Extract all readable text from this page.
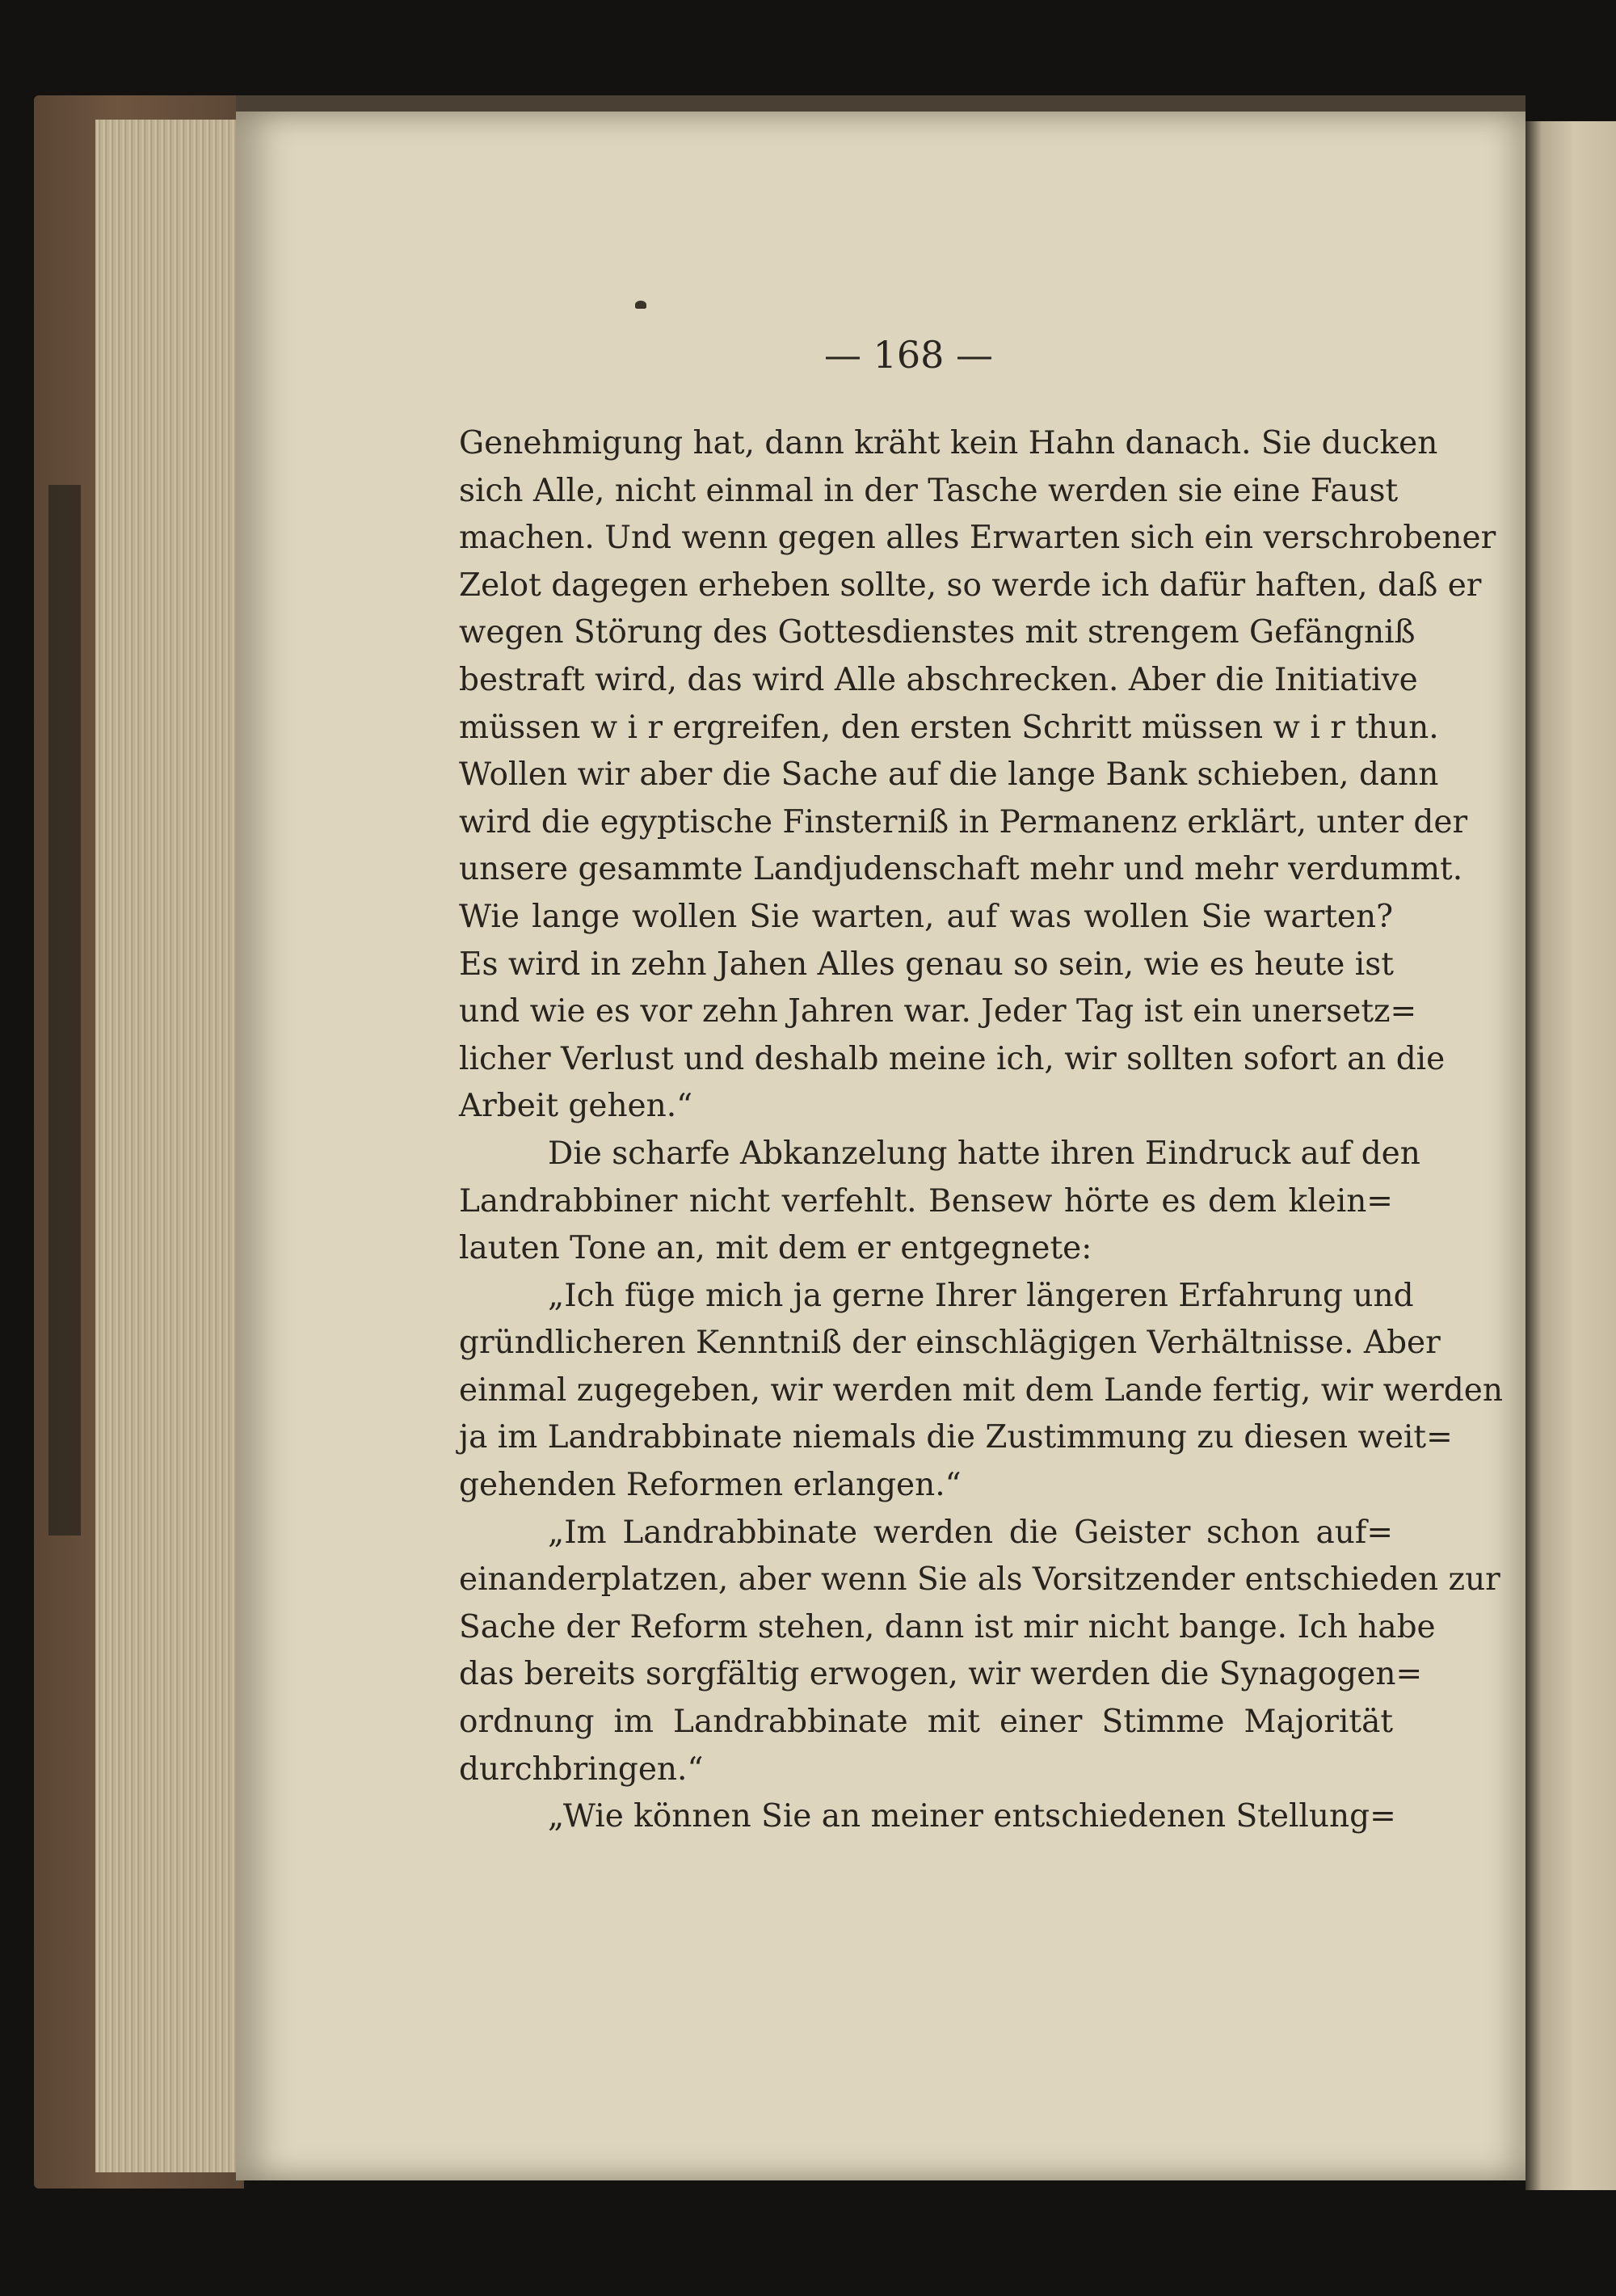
— 168 —
Genehmigung hat, dann kräht kein Hahn danach. Sie ducken
sich Alle, nicht einmal in der Tasche werden sie eine Faust
machen. Und wenn gegen alles Erwarten sich ein verschrobener
Zelot dagegen erheben sollte, so werde ich dafür haften, daß er
wegen Störung des Gottesdienstes mit strengem Gefängniß
bestraft wird, das wird Alle abschrecken. Aber die Initiative
müssen w i r ergreifen, den ersten Schritt müssen w i r thun.
Wollen wir aber die Sache auf die lange Bank schieben, dann
wird die egyptische Finsterniß in Permanenz erklärt, unter der
unsere gesammte Landjudenschaft mehr und mehr verdummt.
Wie lange wollen Sie warten, auf was wollen Sie warten?
Es wird in zehn Jahen Alles genau so sein, wie es heute ist
und wie es vor zehn Jahren war. Jeder Tag ist ein unersetz=
licher Verlust und deshalb meine ich, wir sollten sofort an die
Arbeit gehen.“
Die scharfe Abkanzelung hatte ihren Eindruck auf den
Landrabbiner nicht verfehlt. Bensew hörte es dem klein=
lauten Tone an, mit dem er entgegnete:
„Ich füge mich ja gerne Ihrer längeren Erfahrung und
gründlicheren Kenntniß der einschlägigen Verhältnisse. Aber
einmal zugegeben, wir werden mit dem Lande fertig, wir werden
ja im Landrabbinate niemals die Zustimmung zu diesen weit=
gehenden Reformen erlangen.“
„Im Landrabbinate werden die Geister schon auf=
einanderplatzen, aber wenn Sie als Vorsitzender entschieden zur
Sache der Reform stehen, dann ist mir nicht bange. Ich habe
das bereits sorgfältig erwogen, wir werden die Synagogen=
ordnung im Landrabbinate mit einer Stimme Majorität
durchbringen.“
„Wie können Sie an meiner entschiedenen Stellung=
